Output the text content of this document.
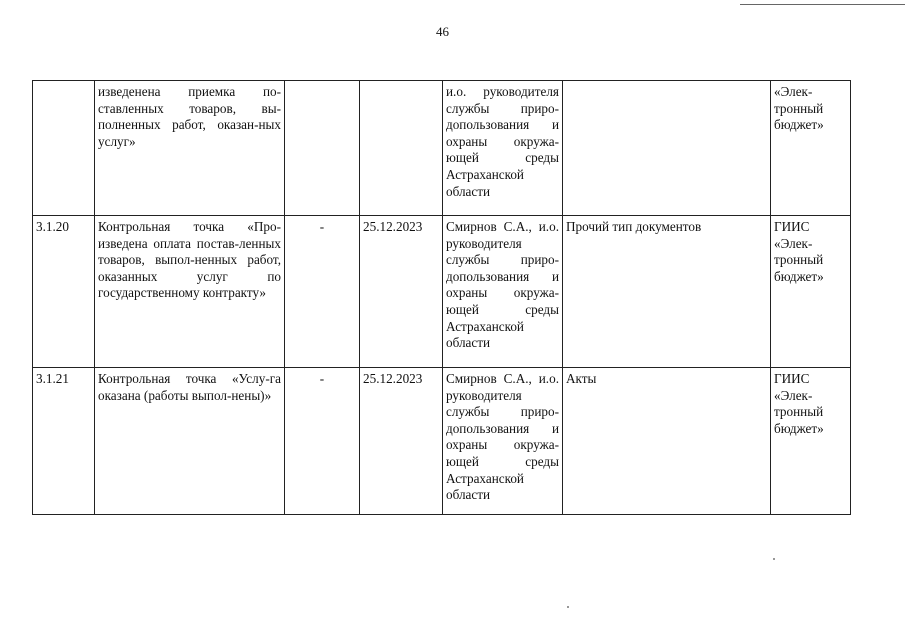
46
	изведенена приемка по-ставленных товаров, вы-полненных работ, оказан-ных услуг»			и.о. руководителя службы приро-допользования и охраны окружа-ющей среды Астраханской области		«Элек-тронный бюджет»
3.1.20	Контрольная точка «Про-изведена оплата постав-ленных товаров, выпол-ненных работ, оказанных услуг по государственному контракту»	-	25.12.2023	Смирнов С.А., и.о. руководителя службы приро-допользования и охраны окружа-ющей среды Астраханской области	Прочий тип документов	ГИИС «Элек-тронный бюджет»
3.1.21	Контрольная точка «Услу-га оказана (работы выпол-нены)»	-	25.12.2023	Смирнов С.А., и.о. руководителя службы приро-допользования и охраны окружа-ющей среды Астраханской области	Акты	ГИИС «Элек-тронный бюджет»
